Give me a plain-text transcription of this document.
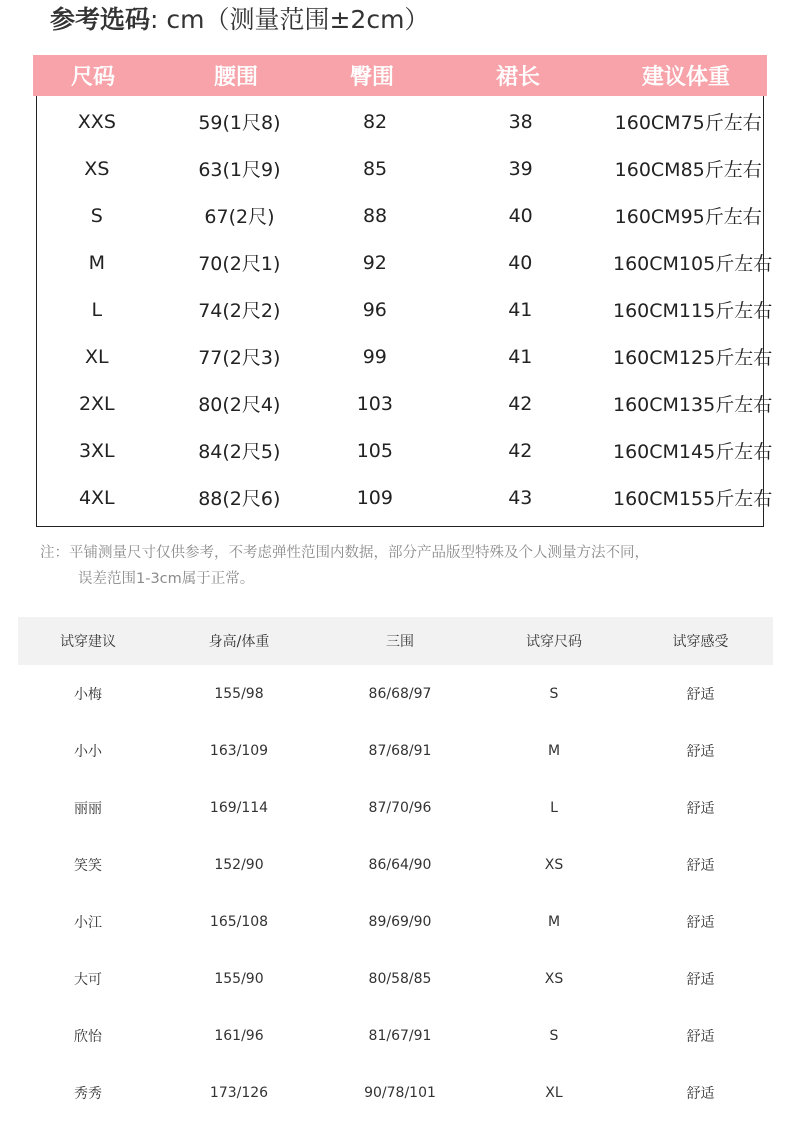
参考选码: cm（测量范围±2cm）
尺码	腰围	臀围	裙长	建议体重
XXS	59(1尺8)	82	38	160CM75斤左右
XS	63(1尺9)	85	39	160CM85斤左右
S	67(2尺)	88	40	160CM95斤左右
M	70(2尺1)	92	40	160CM105斤左右
L	74(2尺2)	96	41	160CM115斤左右
XL	77(2尺3)	99	41	160CM125斤左右
2XL	80(2尺4)	103	42	160CM135斤左右
3XL	84(2尺5)	105	42	160CM145斤左右
4XL	88(2尺6)	109	43	160CM155斤左右
注：平铺测量尺寸仅供参考，不考虑弹性范围内数据，部分产品版型特殊及个人测量方法不同，
误差范围1-3cm属于正常。
试穿建议	身高/体重	三围	试穿尺码	试穿感受
小梅	155/98	86/68/97	S	舒适
小小	163/109	87/68/91	M	舒适
丽丽	169/114	87/70/96	L	舒适
笑笑	152/90	86/64/90	XS	舒适
小江	165/108	89/69/90	M	舒适
大可	155/90	80/58/85	XS	舒适
欣怡	161/96	81/67/91	S	舒适
秀秀	173/126	90/78/101	XL	舒适
